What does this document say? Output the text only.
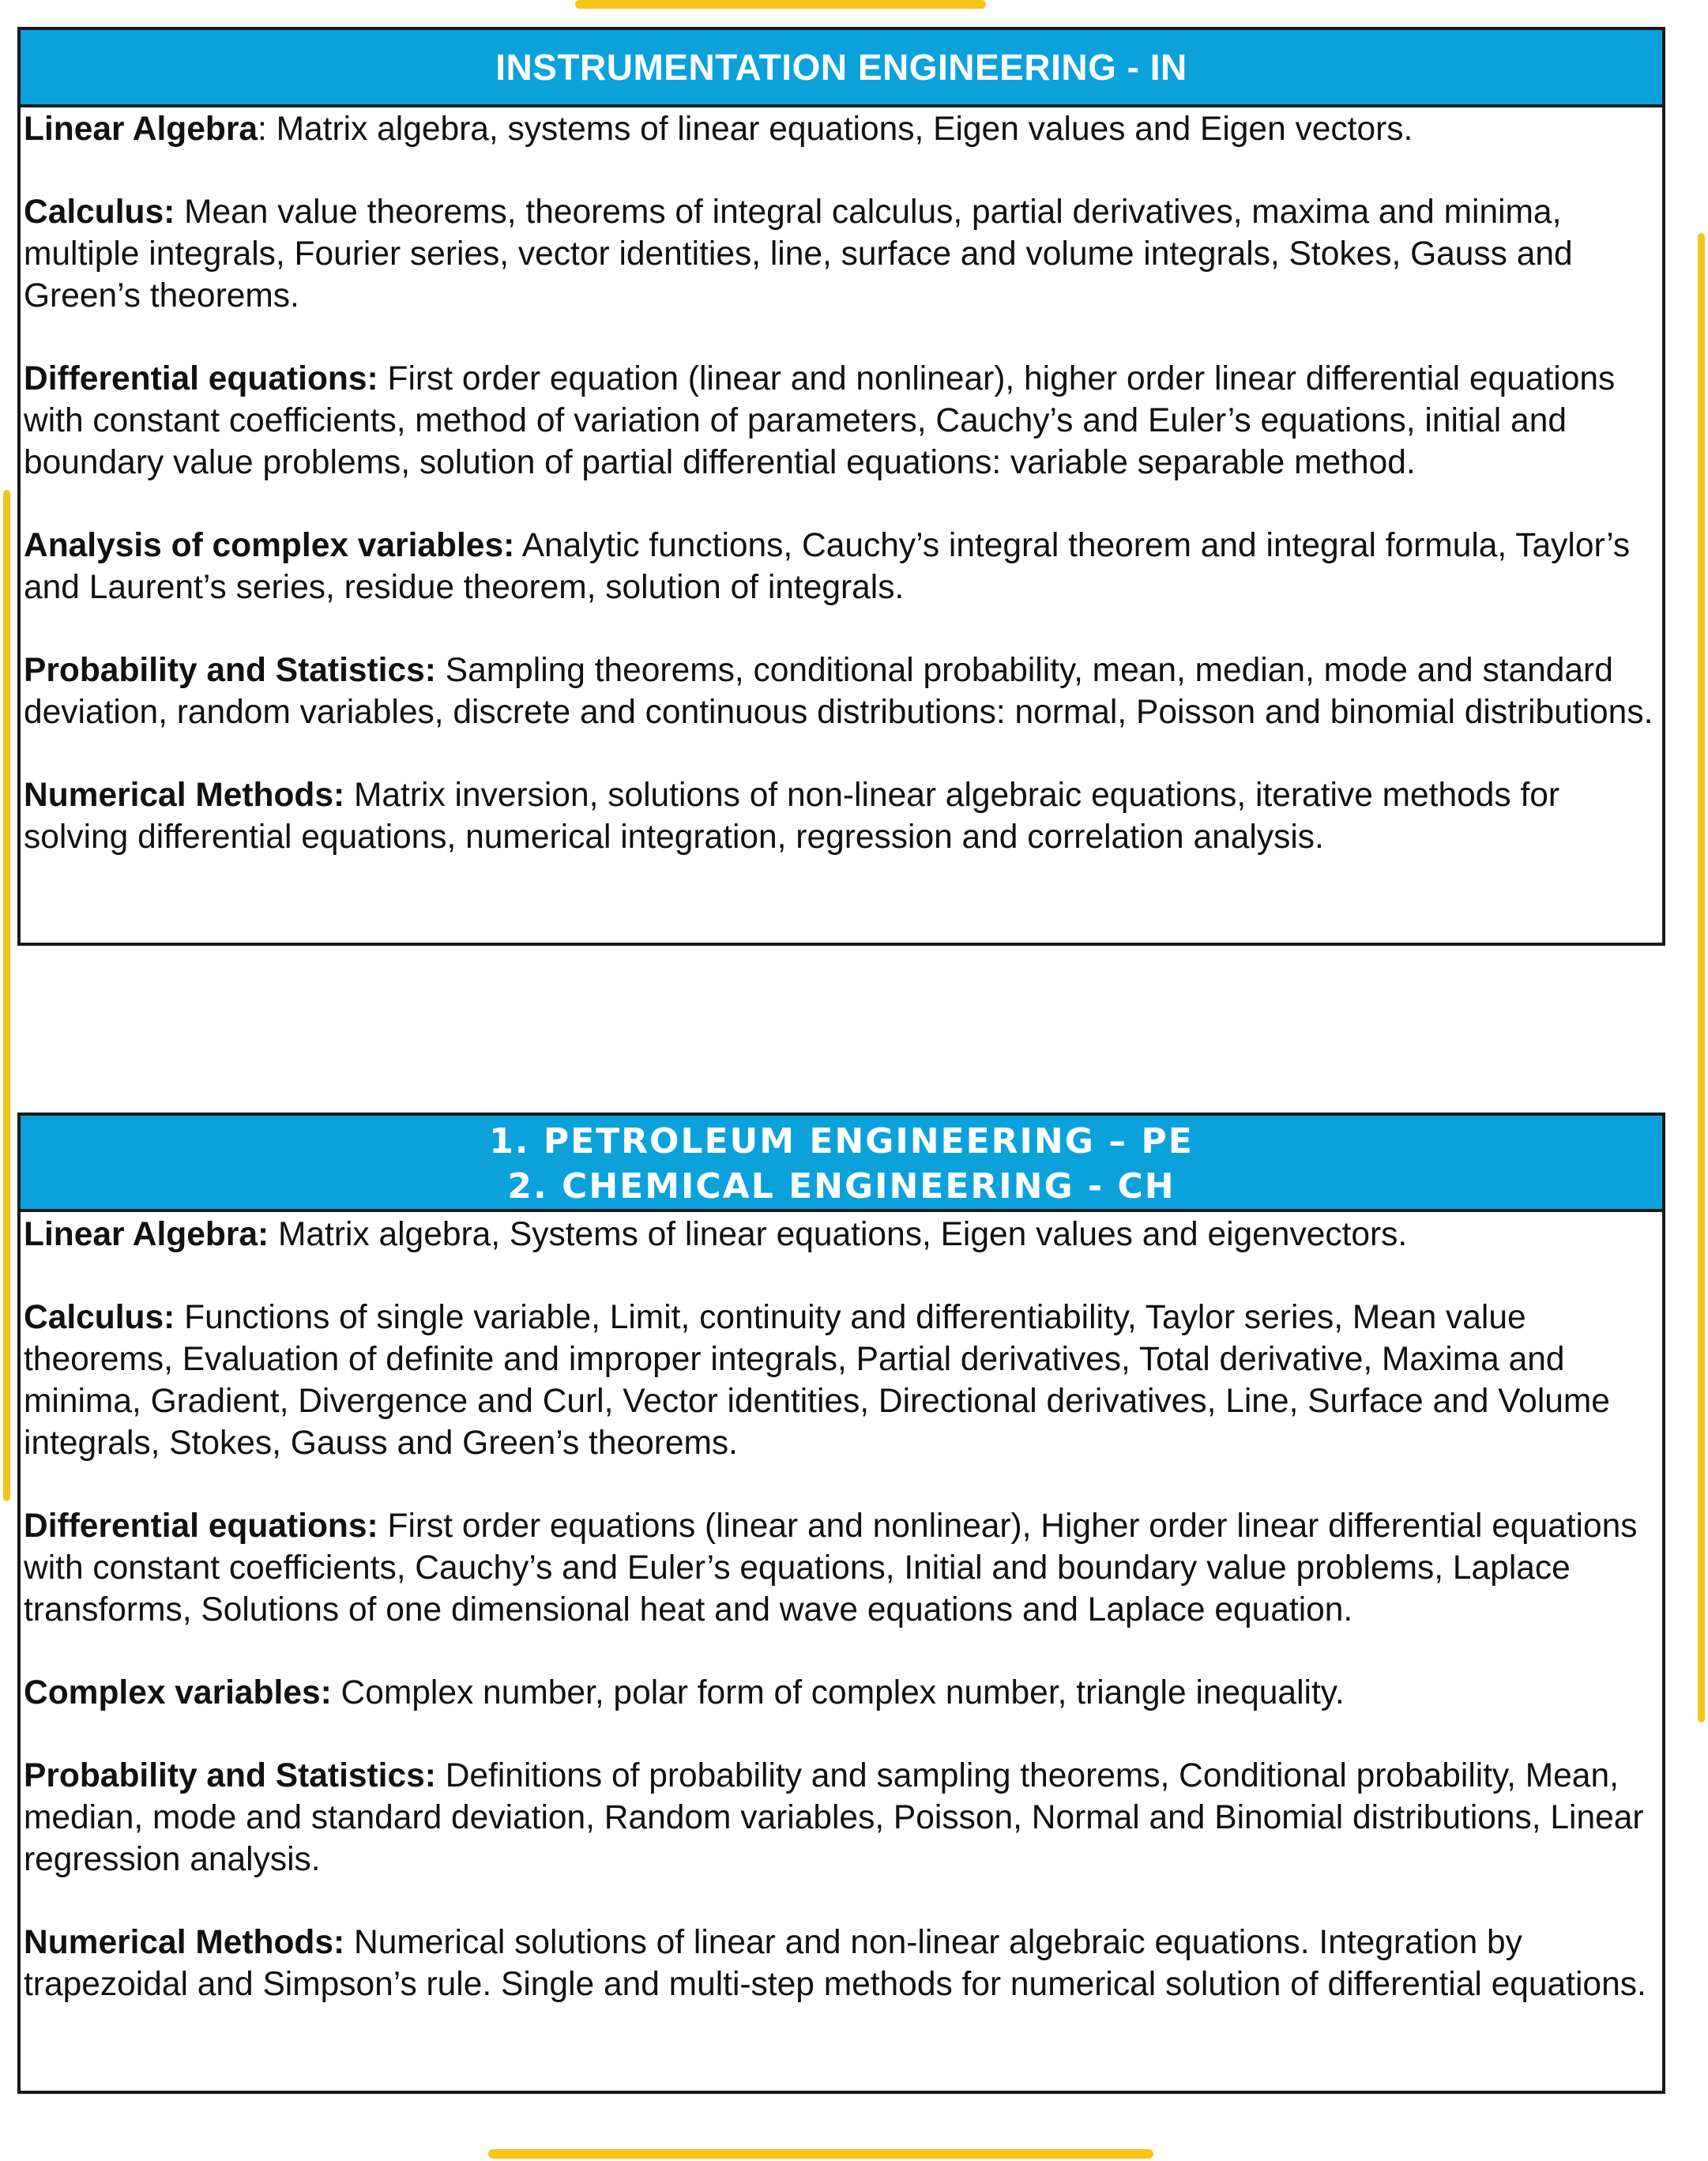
INSTRUMENTATION ENGINEERING - IN

Linear Algebra: Matrix algebra, systems of linear equations, Eigen values and Eigen vectors.

Calculus: Mean value theorems, theorems of integral calculus, partial derivatives, maxima and minima, multiple integrals, Fourier series, vector identities, line, surface and volume integrals, Stokes, Gauss and Green’s theorems.

Differential equations: First order equation (linear and nonlinear), higher order linear differential equations with constant coefficients, method of variation of parameters, Cauchy’s and Euler’s equations, initial and boundary value problems, solution of partial differential equations: variable separable method.

Analysis of complex variables: Analytic functions, Cauchy’s integral theorem and integral formula, Taylor’s and Laurent’s series, residue theorem, solution of integrals.

Probability and Statistics: Sampling theorems, conditional probability, mean, median, mode and standard deviation, random variables, discrete and continuous distributions: normal, Poisson and binomial distributions.

Numerical Methods: Matrix inversion, solutions of non-linear algebraic equations, iterative methods for solving differential equations, numerical integration, regression and correlation analysis.

1. PETROLEUM ENGINEERING – PE
2. CHEMICAL ENGINEERING - CH

Linear Algebra: Matrix algebra, Systems of linear equations, Eigen values and eigenvectors.

Calculus: Functions of single variable, Limit, continuity and differentiability, Taylor series, Mean value theorems, Evaluation of definite and improper integrals, Partial derivatives, Total derivative, Maxima and minima, Gradient, Divergence and Curl, Vector identities, Directional derivatives, Line, Surface and Volume integrals, Stokes, Gauss and Green’s theorems.

Differential equations: First order equations (linear and nonlinear), Higher order linear differential equations with constant coefficients, Cauchy’s and Euler’s equations, Initial and boundary value problems, Laplace transforms, Solutions of one dimensional heat and wave equations and Laplace equation.

Complex variables: Complex number, polar form of complex number, triangle inequality.

Probability and Statistics: Definitions of probability and sampling theorems, Conditional probability, Mean, median, mode and standard deviation, Random variables, Poisson, Normal and Binomial distributions, Linear regression analysis.

Numerical Methods: Numerical solutions of linear and non-linear algebraic equations. Integration by trapezoidal and Simpson’s rule. Single and multi-step methods for numerical solution of differential equations.
